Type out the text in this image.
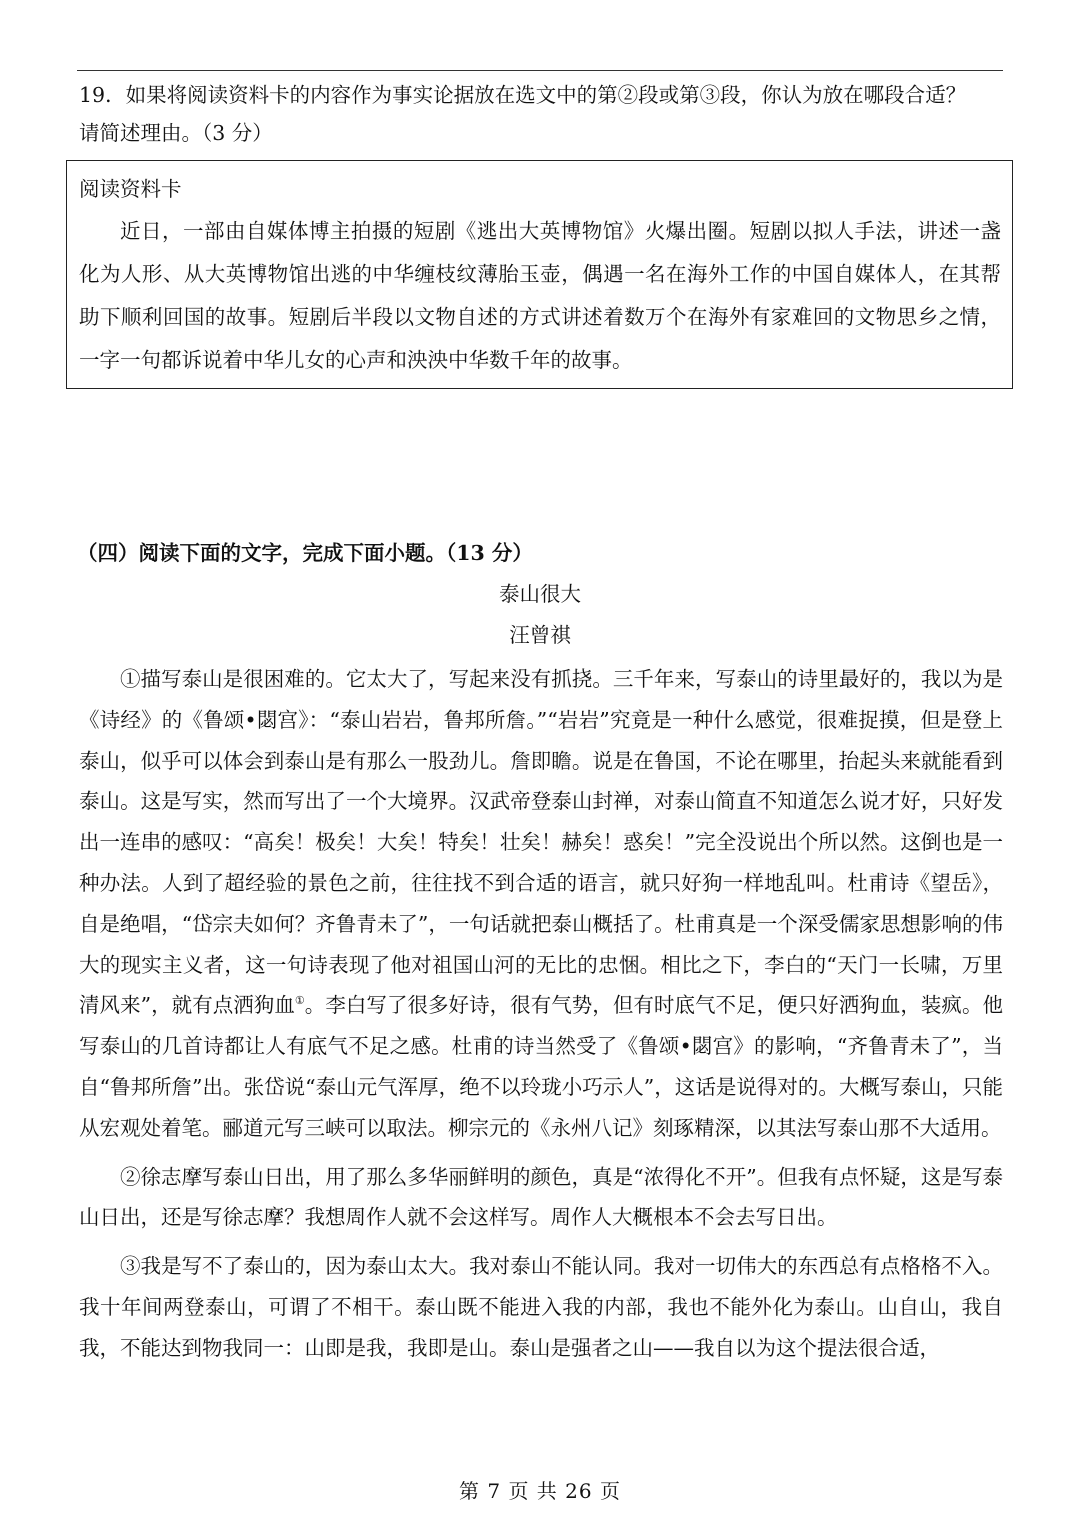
19．如果将阅读资料卡的内容作为事实论据放在选文中的第②段或第③段，你认为放在哪段合适？
请简述理由。（3 分）
阅读资料卡
近日，一部由自媒体博主拍摄的短剧《逃出大英博物馆》火爆出圈。短剧以拟人手法，讲述一盏化为人形、从大英博物馆出逃的中华缠枝纹薄胎玉壶，偶遇一名在海外工作的中国自媒体人，在其帮助下顺利回国的故事。短剧后半段以文物自述的方式讲述着数万个在海外有家难回的文物思乡之情，一字一句都诉说着中华儿女的心声和泱泱中华数千年的故事。
（四）阅读下面的文字，完成下面小题。（13 分）
泰山很大
汪曾祺

①描写泰山是很困难的。它太大了，写起来没有抓挠。三千年来，写泰山的诗里最好的，我以为是《诗经》的《鲁颂•閟宫》：“泰山岩岩，鲁邦所詹。”“岩岩”究竟是一种什么感觉，很难捉摸，但是登上泰山，似乎可以体会到泰山是有那么一股劲儿。詹即瞻。说是在鲁国，不论在哪里，抬起头来就能看到泰山。这是写实，然而写出了一个大境界。汉武帝登泰山封禅，对泰山简直不知道怎么说才好，只好发出一连串的感叹：“高矣！极矣！大矣！特矣！壮矣！赫矣！惑矣！”完全没说出个所以然。这倒也是一种办法。人到了超经验的景色之前，往往找不到合适的语言，就只好狗一样地乱叫。杜甫诗《望岳》，自是绝唱，“岱宗夫如何？齐鲁青未了”，一句话就把泰山概括了。杜甫真是一个深受儒家思想影响的伟大的现实主义者，这一句诗表现了他对祖国山河的无比的忠悃。相比之下，李白的“天门一长啸，万里清风来”，就有点洒狗血①。李白写了很多好诗，很有气势，但有时底气不足，便只好洒狗血，装疯。他写泰山的几首诗都让人有底气不足之感。杜甫的诗当然受了《鲁颂•閟宫》的影响，“齐鲁青未了”，当自“鲁邦所詹”出。张岱说“泰山元气浑厚，绝不以玲珑小巧示人”，这话是说得对的。大概写泰山，只能从宏观处着笔。郦道元写三峡可以取法。柳宗元的《永州八记》刻琢精深，以其法写泰山那不大适用。

②徐志摩写泰山日出，用了那么多华丽鲜明的颜色，真是“浓得化不开”。但我有点怀疑，这是写泰山日出，还是写徐志摩？我想周作人就不会这样写。周作人大概根本不会去写日出。

③我是写不了泰山的，因为泰山太大。我对泰山不能认同。我对一切伟大的东西总有点格格不入。我十年间两登泰山，可谓了不相干。泰山既不能进入我的内部，我也不能外化为泰山。山自山，我自我，不能达到物我同一：山即是我，我即是山。泰山是强者之山——我自以为这个提法很合适，

第 7 页 共 26 页
